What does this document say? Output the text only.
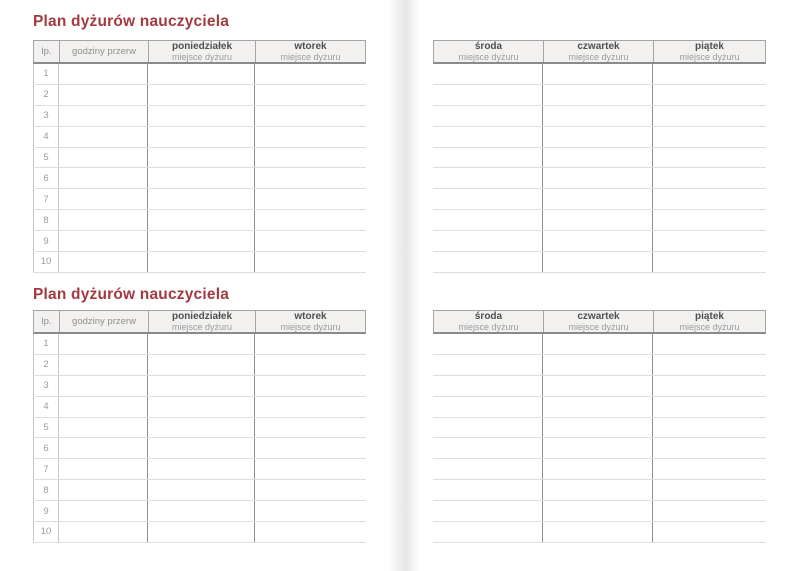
Plan dyżurów nauczyciela
lp. godziny przerw	poniedziałek
miejsce dyżuru
wtorek
miejsce dyżuru
1
2
3
4
5
6
7
8
9
10
środa
miejsce dyżuru
czwartek
miejsce dyżuru
piątek
miejsce dyżuru
Plan dyżurów nauczyciela
lp. godziny przerw	poniedziałek
miejsce dyżuru
wtorek
miejsce dyżuru
1
2
3
4
5
6
7
8
9
10
środa
miejsce dyżuru
czwartek
miejsce dyżuru
piątek
miejsce dyżuru
